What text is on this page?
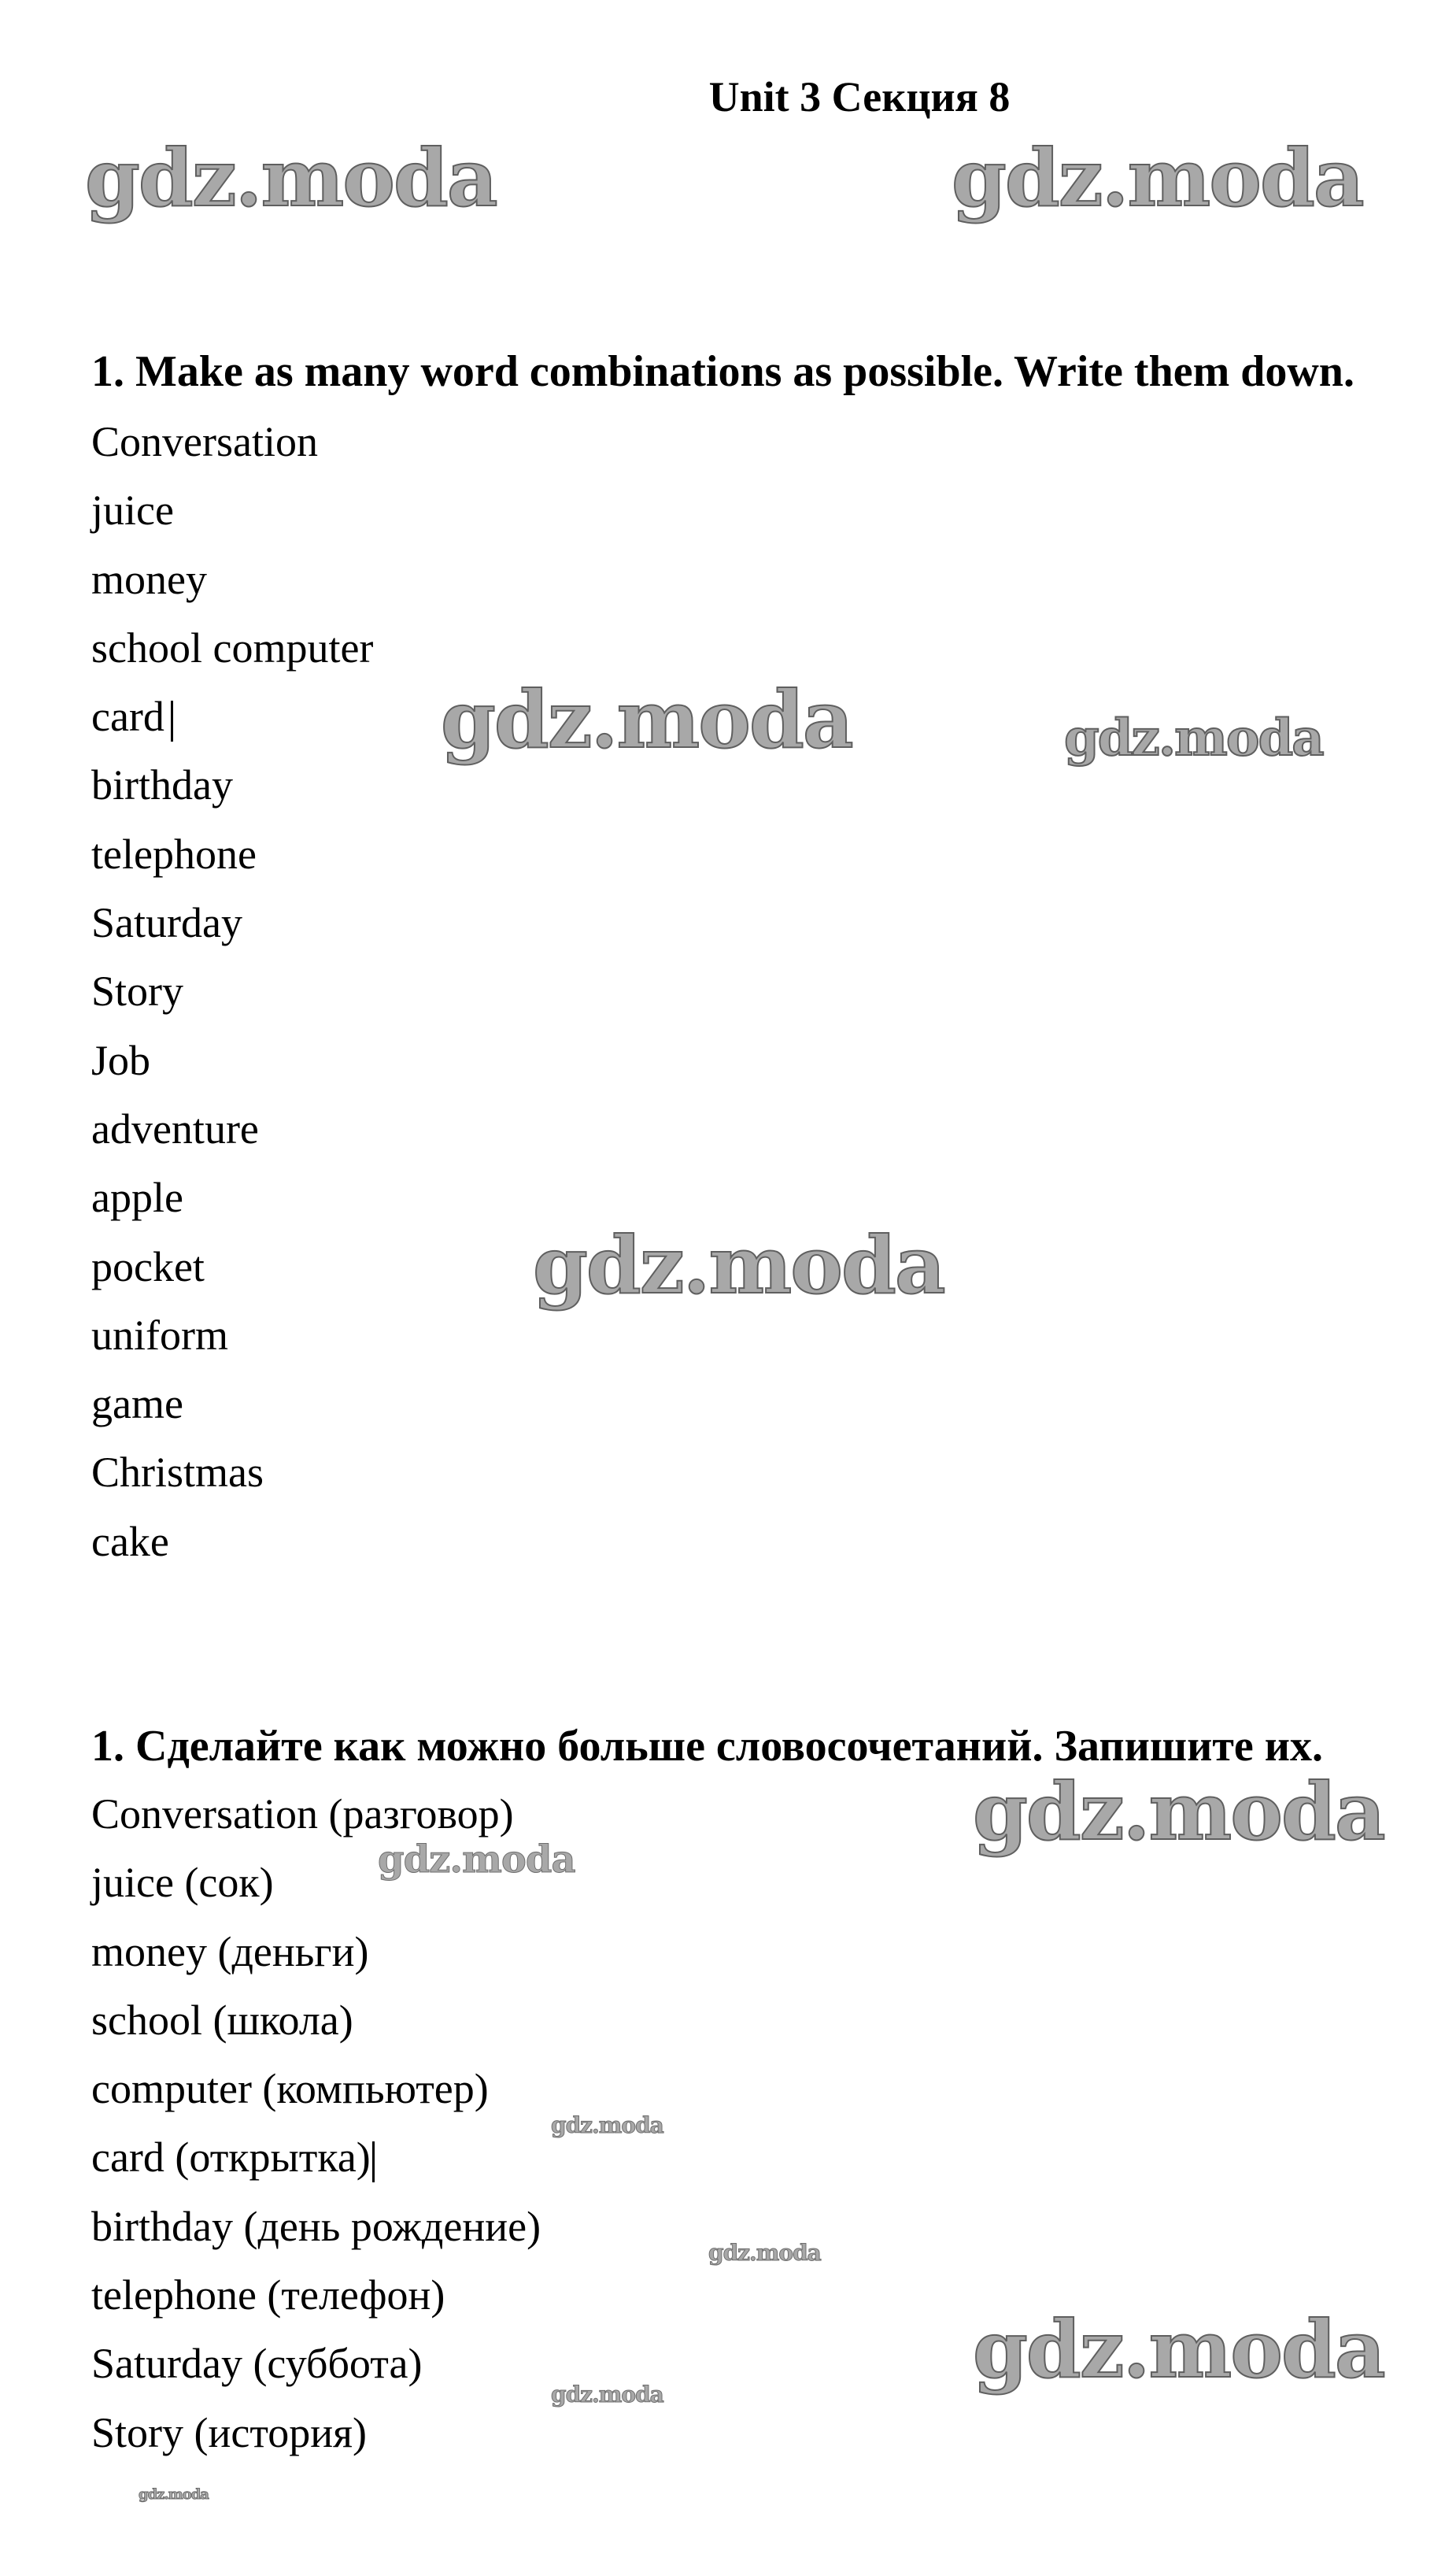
Unit 3 Секция 8
1. Make as many word combinations as possible. Write them down.
Conversation
juice
money
school computer
card
birthday
telephone
Saturday
Story
Job
adventure
apple
pocket
uniform
game
Christmas
cake
1. Сделайте как можно больше словосочетаний. Запишите их.
Conversation (разговор)
juice (сок)
money (деньги)
school (школа)
computer (компьютер)
card (открытка)
birthday (день рождение)
telephone (телефон)
Saturday (суббота)
Story (история)
gdz.moda	gdz.moda
gdz.moda	gdz.moda
gdz.moda
gdz.moda
gdz.moda
gdz.moda
gdz.moda
gdz.moda
gdz.moda
gdz.moda
